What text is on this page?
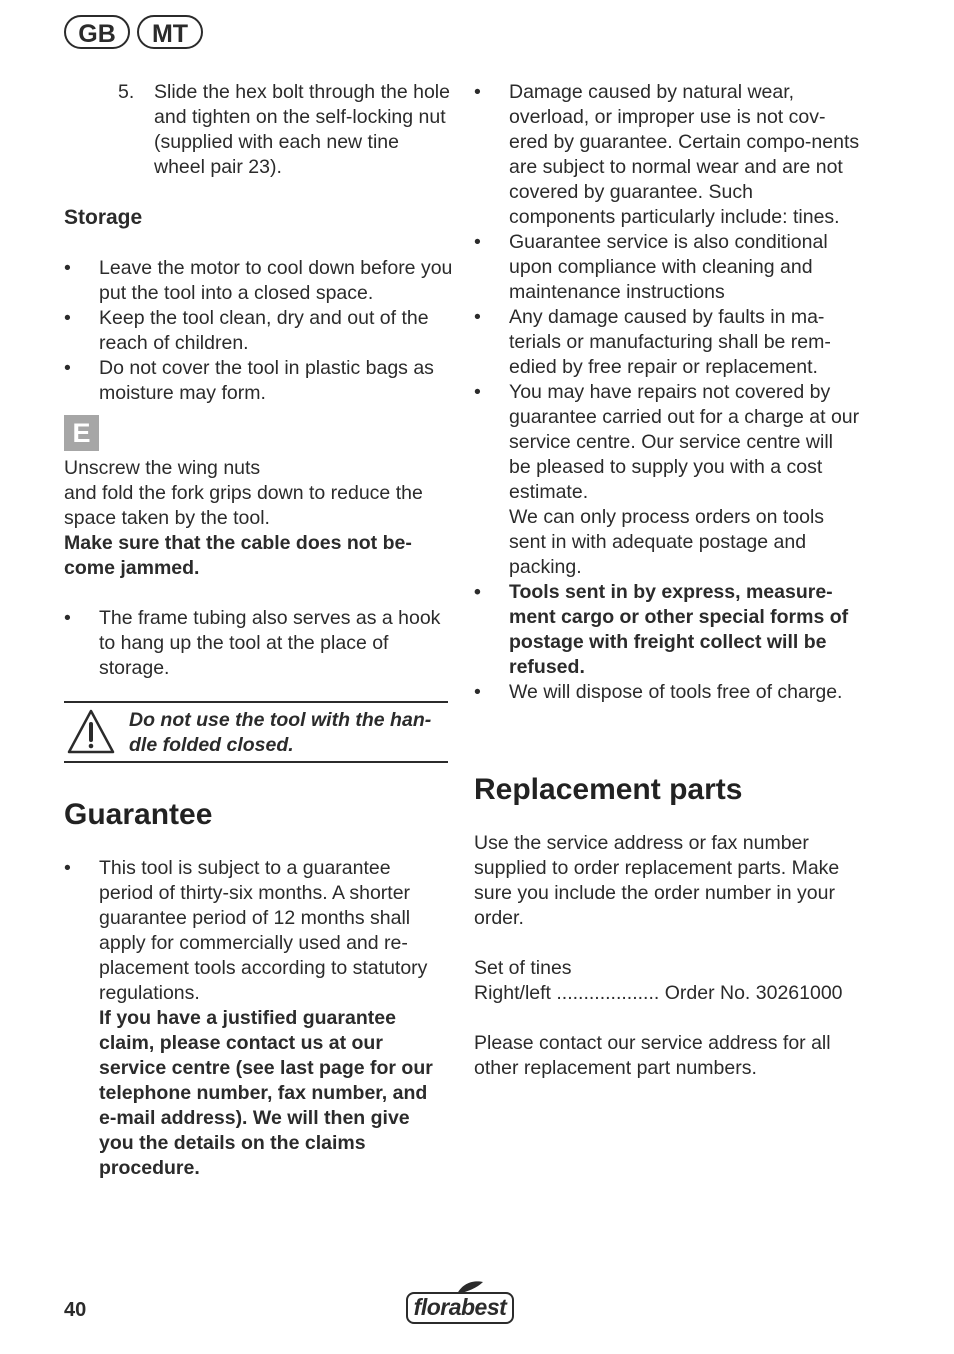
GB	MT
5. Slide the hex bolt through the hole and tighten on the self-locking nut (supplied with each new tine wheel pair 23).
Storage

• Leave the motor to cool down before you put the tool into a closed space.

• Keep the tool clean, dry and out of the reach of children.

• Do not cover the tool in plastic bags as moisture may form.

E
Unscrew the wing nuts
and fold the fork grips down to reduce the space taken by the tool.
Make sure that the cable does not be-come jammed.

• The frame tubing also serves as a hook to hang up the tool at the place of storage.

Do not use the tool with the han-dle folded closed.
Guarantee
• This tool is subject to a guarantee period of thirty-six months. A shorter guarantee period of 12 months shall apply for commercially used and re-placement tools according to statutory regulations.
If you have a justified guarantee claim, please contact us at our service centre (see last page for our telephone number, fax number, and e-mail address). We will then give you the details on the claims procedure.

• Damage caused by natural wear, overload, or improper use is not cov-ered by guarantee. Certain compo-nents are subject to normal wear and are not covered by guarantee. Such components particularly include: tines.

• Guarantee service is also conditional upon compliance with cleaning and maintenance instructions

• Any damage caused by faults in ma-terials or manufacturing shall be rem-edied by free repair or replacement.

• You may have repairs not covered by guarantee carried out for a charge at our service centre. Our service centre will be pleased to supply you with a cost estimate.
We can only process orders on tools sent in with adequate postage and packing.

• Tools sent in by express, measure-ment cargo or other special forms of postage with freight collect will be refused.

• We will dispose of tools free of charge.

Replacement parts
Use the service address or fax number supplied to order replacement parts. Make sure you include the order number in your order.
Set of tines
Right/left ................... Order No. 30261000
Please contact our service address for all other replacement part numbers.
40	florabest
